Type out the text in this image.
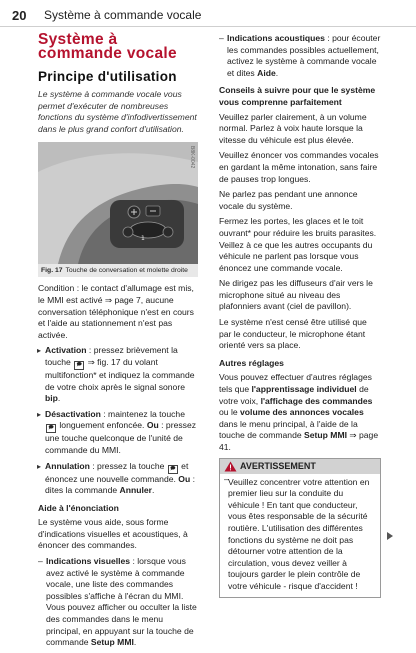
20 Système à commande vocale
Système à commande vocale
Principe d'utilisation

Le système à commande vocale vous permet d'exécuter de nombreuses fonctions du système d'infodivertissement dans le plus grand confort d'utilisation.

1
B8K-0042

Fig. 17 Touche de conversation et molette droite

Condition : le contact d'allumage est mis, le MMI est activé ⇒ page 7, aucune conversation téléphonique n'est en cours et l'aide au stationnement n'est pas activée.

▸ Activation : pressez brièvement la touche 🗩 ⇒ fig. 17 du volant multifonction* et indiquez la commande de votre choix après le signal sonore bip.

▸ Désactivation : maintenez la touche 🗩 longuement enfoncée. Ou : pressez une touche quelconque de l'unité de commande du MMI.

▸ Annulation : pressez la touche 🗩 et énoncez une nouvelle commande. Ou : dites la commande Annuler.

Aide à l'énonciation

Le système vous aide, sous forme d'indications visuelles et acoustiques, à énoncer des commandes.

– Indications visuelles : lorsque vous avez activé le système à commande vocale, une liste des commandes possibles s'affiche à l'écran du MMI. Vous pouvez afficher ou occulter la liste des commandes dans le menu principal, en appuyant sur la touche de commande Setup MMI.

– Indications acoustiques : pour écouter les commandes possibles actuellement, activez le système à commande vocale et dites Aide.

Conseils à suivre pour que le système vous comprenne parfaitement

Veuillez parler clairement, à un volume normal. Parlez à voix haute lorsque la vitesse du véhicule est plus élevée.

Veuillez énoncer vos commandes vocales en gardant la même intonation, sans faire de pauses trop longues.

Ne parlez pas pendant une annonce vocale du système.

Fermez les portes, les glaces et le toit ouvrant* pour réduire les bruits parasites. Veillez à ce que les autres occupants du véhicule ne parlent pas lorsque vous énoncez une commande vocale.

Ne dirigez pas les diffuseurs d'air vers le microphone situé au niveau des plafonniers avant (ciel de pavillon).

Le système n'est censé être utilisé que par le conducteur, le microphone étant orienté vers sa place.

Autres réglages

Vous pouvez effectuer d'autres réglages tels que l'apprentissage individuel de votre voix, l'affichage des commandes ou le volume des annonces vocales dans le menu principal, à l'aide de la touche de commande Setup MMI ⇒ page 41.

AVERTISSEMENT
– Veuillez concentrer votre attention en premier lieu sur la conduite du véhicule ! En tant que conducteur, vous êtes responsable de la sécurité routière. L'utilisation des différentes fonctions du système ne doit pas détourner votre attention de la circulation, vous devez veiller à toujours garder le plein contrôle de votre véhicule - risque d'accident !
